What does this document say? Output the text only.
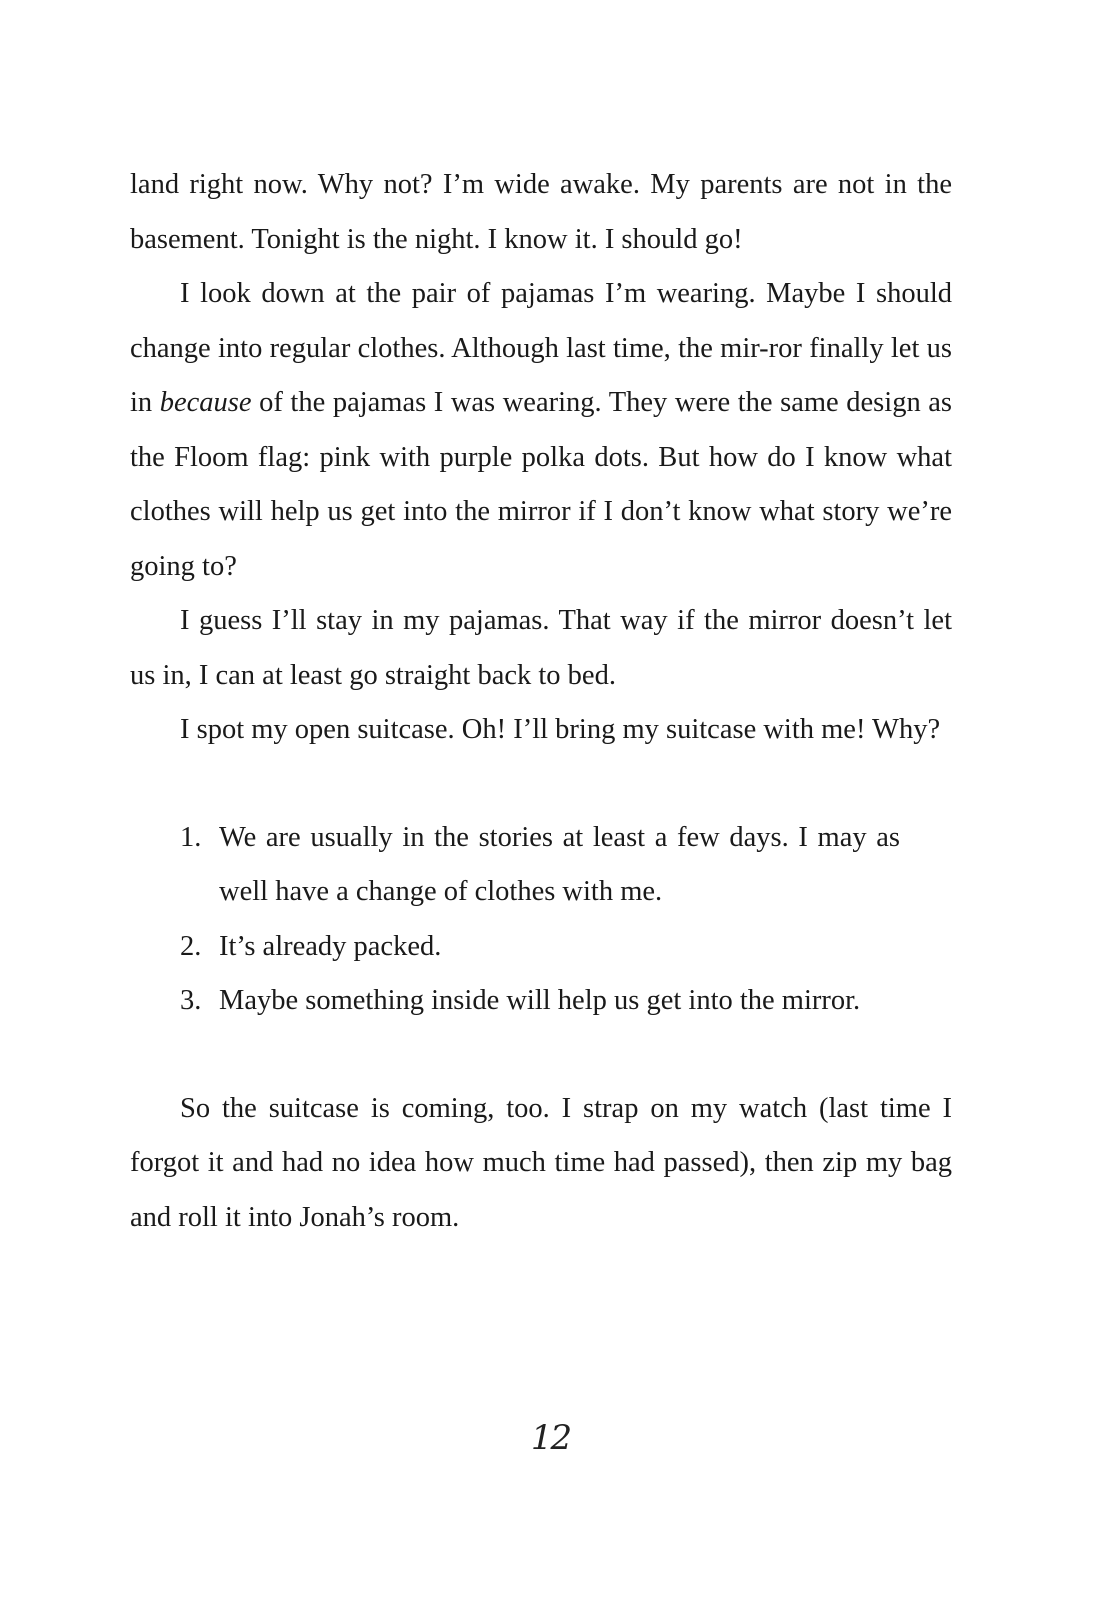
land right now. Why not? I’m wide awake. My parents are not in the basement. Tonight is the night. I know it. I should go!

I look down at the pair of pajamas I’m wearing. Maybe I should change into regular clothes. Although last time, the mir-ror finally let us in because of the pajamas I was wearing. They were the same design as the Floom flag: pink with purple polka dots. But how do I know what clothes will help us get into the mirror if I don’t know what story we’re going to?

I guess I’ll stay in my pajamas. That way if the mirror doesn’t let us in, I can at least go straight back to bed.

I spot my open suitcase. Oh! I’ll bring my suitcase with me! Why?

1. We are usually in the stories at least a few days. I may as well have a change of clothes with me.
2. It’s already packed.
3. Maybe something inside will help us get into the mirror.

So the suitcase is coming, too. I strap on my watch (last time I forgot it and had no idea how much time had passed), then zip my bag and roll it into Jonah’s room.

12
